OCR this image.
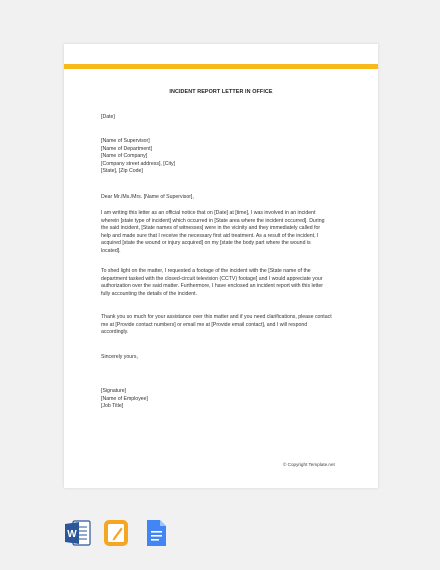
INCIDENT REPORT LETTER IN OFFICE
[Date]
[Name of Supervisor]
[Name of Department]
[Name of Company]
[Company street address], [City]
[State], [Zip Code]
Dear Mr./Ms./Mrs. [Name of Supervisor],
I am writing this letter as an official notice that on [Date] at [time], I was involved in an incident
wherein [state type of incident] which occurred in [State area where the incident occurred]. During
the said incident, [State names of witnesses] were in the vicinity and they immediately called for
help and made sure that I receive the necessary first aid treatment. As a result of the incident, I
acquired [state the wound or injury acquired] on my [state the body part where the wound is
located].
To shed light on the matter, I requested a footage of the incident with the [State name of the
department tasked with the closed-circuit television (CCTV) footage] and I would appreciate your
authorization over the said matter. Furthermore, I have enclosed an incident report with this letter
fully accounting the details of the incident.
Thank you so much for your assistance over this matter and if you need clarifications, please contact
me at [Provide contact numbers] or email me at [Provide email contact], and I will respond
accordingly.
Sincerely yours,
[Signature]
[Name of Employee]
[Job Title]
© Copyright Template.net
W
